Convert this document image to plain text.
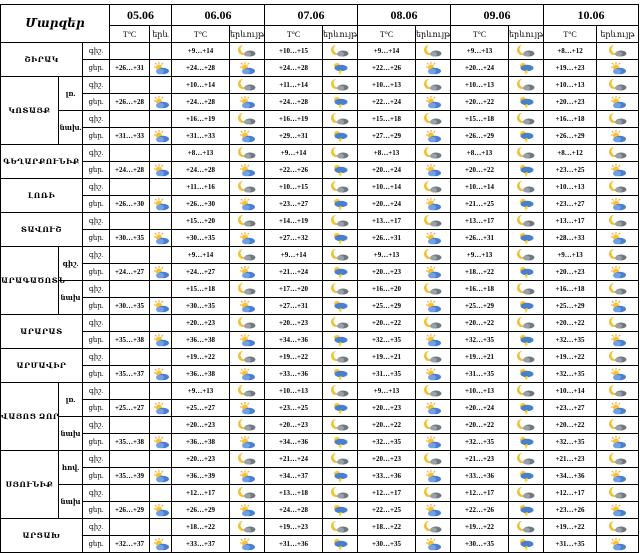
Մարզեր			05.06		06.06		07.06		08.06		09.06		10.06	
			T°C	երև	T°C	երևույթ	T°C	երևույթ	T°C	երևույթ	T°C	երևույթ	T°C	երևույթ
ՇԻՐԱԿ		գիշ.			+9…+14		+10…+15		+9…+14		+9…+13		+8…+12	

		ցեր.	+26…+31		+24…+28		+24…+28		+22…+26		+20…+24		+19…+23	

ԿՈՏԱՅՔ	լռ.	գիշ.			+10…+14		+11…+14		+10…+13		+10…+13		+10…+13	

		ցեր.	+26…+28		+24…+28		+24…+28		+22…+24		+20…+22		+20…+23	

	նախ.	գիշ.			+16…+19		+16…+19		+15…+18		+15…+18		+16…+18	

		ցեր.	+31…+33		+31…+33		+29…+31		+27…+29		+26…+29		+26…+29	

ԳԵՂԱՐՔՈՒՆԻՔ		գիշ.			+8…+13		+9…+14		+8…+13		+8…+13		+8…+12	

		ցեր.	+24…+28		+24…+28		+22…+26		+20…+24		+20…+22		+23…+25	

ԼՈՌԻ		գիշ.			+11…+16		+10…+15		+10…+14		+10…+14		+10…+13	

		ցեր.	+26…+30		+26…+30		+23…+27		+20…+24		+21…+25		+23…+27	

ՏԱՎՈՒՇ		գիշ.			+15…+20		+14…+19		+13…+17		+13…+17		+13…+17	

		ցեր.	+30…+35		+30…+35		+27…+32		+26…+31		+26…+31		+28…+33	

ԱՐԱԳԱԾՈՏՆ	գիշ.	գիշ.			+9…+14		+9…+14		+9…+13		+9…+13		+9…+13	

		ցեր.	+24…+27		+24…+27		+21…+24		+20…+23		+18…+22		+20…+23	

	նախ	գիշ.			+15…+18		+17…+20		+16…+20		+16…+18		+16…+18	

		ցեր.	+30…+35		+30…+35		+27…+31		+25…+29		+25…+29		+25…+29	

ԱՐԱՐԱՏ		գիշ.			+20…+23		+20…+23		+20…+22		+20…+22		+20…+22	

		ցեր.	+35…+38		+36…+38		+34…+36		+32…+35		+32…+35		+32…+35	

ԱՐՄԱՎԻՐ		գիշ.			+19…+22		+19…+22		+19…+21		+19…+21		+19…+22	

		ցեր.	+35…+37		+36…+38		+33…+36		+31…+35		+31…+35		+32…+35	

ՎԱՅՈՑ ՁՈՐ	լռ.	գիշ.			+9…+13		+10…+13		+9…+13		+10…+13		+10…+14	

		ցեր.	+25…+27		+25…+27		+23…+25		+20…+23		+20…+24		+23…+27	

	նախ	գիշ.			+20…+23		+20…+23		+20…+22		+20…+22		+20…+22	

		ցեր.	+35…+38		+36…+38		+34…+36		+32…+35		+32…+35		+32…+35	

ՍՅՈՒՆԻՔ	հով.	գիշ.			+20…+23		+21…+24		+20…+23		+21…+23		+21…+23	

		ցեր.	+35…+39		+36…+39		+34…+37		+33…+36		+33…+36		+34…+36	

	նախ	գիշ.			+12…+17		+13…+18		+12…+17		+12…+17		+12…+17	

		ցեր.	+26…+29		+26…+29		+24…+28		+22…+25		+22…+26		+23…+26	

ԱՐՑԱԽ		գիշ.			+18…+22		+19…+23		+18…+22		+19…+22		+19…+22	

		ցեր.	+32…+37		+33…+37		+31…+36		+30…+35		+30…+35		+31…+35	
